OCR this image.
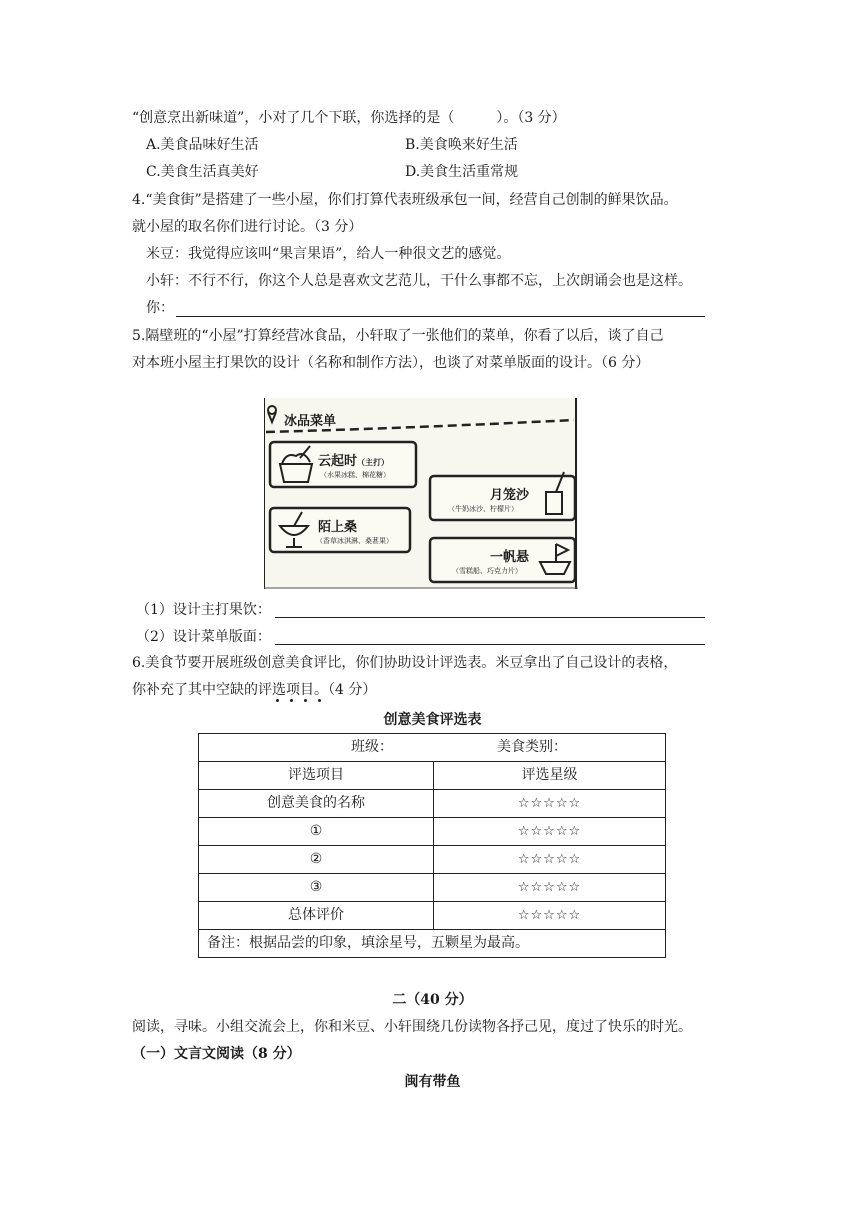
“创意烹出新味道”，小对了几个下联，你选择的是（　　　）。（3 分）
A.美食品味好生活	B.美食唤来好生活
C.美食生活真美好	D.美食生活重常规
4.“美食街”是搭建了一些小屋，你们打算代表班级承包一间，经营自己创制的鲜果饮品。
就小屋的取名你们进行讨论。（3 分）
米豆：我觉得应该叫“果言果语”，给人一种很文艺的感觉。
小轩：不行不行，你这个人总是喜欢文艺范儿，干什么事都不忘，上次朗诵会也是这样。
你：
5.隔壁班的“小屋”打算经营冰食品，小轩取了一张他们的菜单，你看了以后，谈了自己
对本班小屋主打果饮的设计（名称和制作方法），也谈了对菜单版面的设计。（6 分）
冰品菜单
云起时（主打）
（水果冰糕、棉花糖）
月笼沙
（牛奶冰沙、柠檬片）
陌上桑
（香草冰淇淋、桑葚果）
一帆悬
（雪糕船、巧克力片）
（1）设计主打果饮：
（2）设计菜单版面：
6.美食节要开展班级创意美食评比，你们协助设计评选表。米豆拿出了自己设计的表格，
你补充了其中空缺的评选项目。（4 分）
创意美食评选表
班级： 美食类别：	
评选项目	评选星级
创意美食的名称	☆☆☆☆☆
①	☆☆☆☆☆
②	☆☆☆☆☆
③	☆☆☆☆☆
总体评价	☆☆☆☆☆
备注：根据品尝的印象，填涂星号，五颗星为最高。	
二（40 分）
阅读，寻味。小组交流会上，你和米豆、小轩围绕几份读物各抒己见，度过了快乐的时光。
（一）文言文阅读（8 分）
闽有带鱼
